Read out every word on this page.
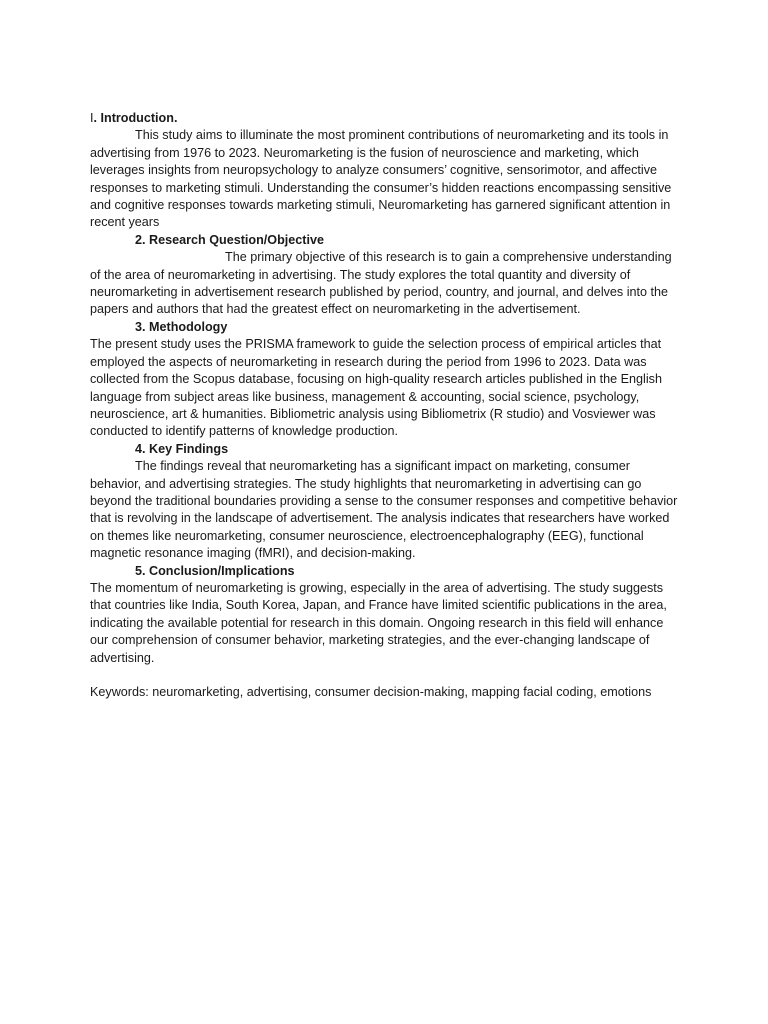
I. Introduction.

This study aims to illuminate the most prominent contributions of neuromarketing and its tools in advertising from 1976 to 2023. Neuromarketing is the fusion of neuroscience and marketing, which leverages insights from neuropsychology to analyze consumers’ cognitive, sensorimotor, and affective responses to marketing stimuli. Understanding the consumer’s hidden reactions encompassing sensitive and cognitive responses towards marketing stimuli, Neuromarketing has garnered significant attention in recent years

2. Research Question/Objective

The primary objective of this research is to gain a comprehensive understanding of the area of neuromarketing in advertising. The study explores the total quantity and diversity of neuromarketing in advertisement research published by period, country, and journal, and delves into the papers and authors that had the greatest effect on neuromarketing in the advertisement.

3. Methodology

The present study uses the PRISMA framework to guide the selection process of empirical articles that employed the aspects of neuromarketing in research during the period from 1996 to 2023. Data was collected from the Scopus database, focusing on high-quality research articles published in the English language from subject areas like business, management & accounting, social science, psychology, neuroscience, art & humanities. Bibliometric analysis using Bibliometrix (R studio) and Vosviewer was conducted to identify patterns of knowledge production.

4. Key Findings

The findings reveal that neuromarketing has a significant impact on marketing, consumer behavior, and advertising strategies. The study highlights that neuromarketing in advertising can go beyond the traditional boundaries providing a sense to the consumer responses and competitive behavior that is revolving in the landscape of advertisement. The analysis indicates that researchers have worked on themes like neuromarketing, consumer neuroscience, electroencephalography (EEG), functional magnetic resonance imaging (fMRI), and decision-making.

5. Conclusion/Implications

The momentum of neuromarketing is growing, especially in the area of advertising. The study suggests that countries like India, South Korea, Japan, and France have limited scientific publications in the area, indicating the available potential for research in this domain. Ongoing research in this field will enhance our comprehension of consumer behavior, marketing strategies, and the ever-changing landscape of advertising.

Keywords: neuromarketing, advertising, consumer decision-making, mapping facial coding, emotions
